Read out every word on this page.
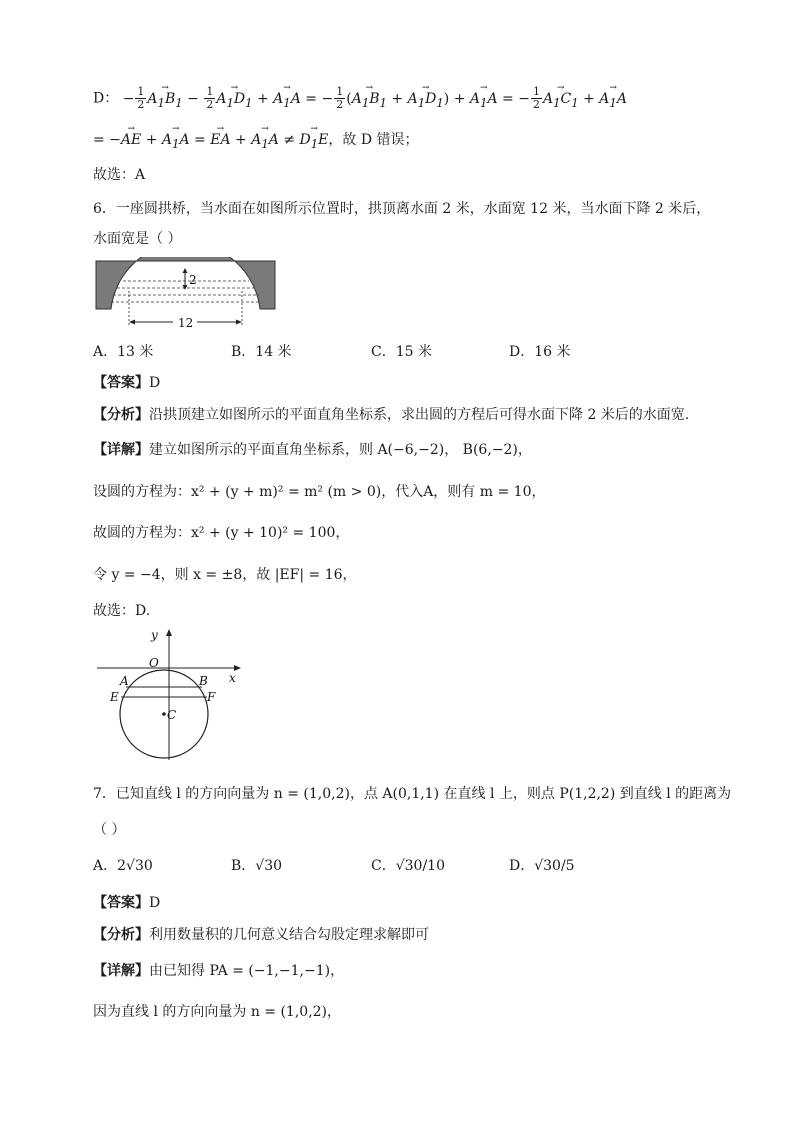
D： − $\frac{1}{2}$
→ $A_1B_1 - \frac{1}{2}$
→ $A_1D_1$ + → $A_1A$ = − $\frac{1}{2}$ (→ $A_1B_1$ + → $A_1D_1$) + → $A_1A$ = − $\frac{1}{2}$
→ $A_1C_1$ + → $A_1A$
= −→ AE + → $A_1A$ = → EA + → $A_1A$ ≠ → $D_1E$，故 D 错误；
故选：A
6．一座圆拱桥，当水面在如图所示位置时，拱顶离水面 2 米，水面宽 12 米，当水面下降 2 米后，
水面宽是（ ）
2
12
A．13 米	B．14 米	C．15 米	D．16 米
【答案】D
【分析】沿拱顶建立如图所示的平面直角坐标系，求出圆的方程后可得水面下降 2 米后的水面宽.
【详解】建立如图所示的平面直角坐标系，则 A(−6,−2)， B(6,−2)，
设圆的方程为：x² + (y + m)² = m² (m > 0)，代入A，则有 m = 10，
故圆的方程为：x² + (y + 10)² = 100，
令 y = −4，则 x = ±8，故 |EF| = 16，
故选：D.
y
x
O
A	B
E	F
C
7．已知直线 l 的方向向量为 n = (1,0,2)，点 A(0,1,1) 在直线 l 上，则点 P(1,2,2) 到直线 l 的距离为
（ ）
A．2√30	B．√30	C．√30/10	D．√30/5
【答案】D
【分析】利用数量积的几何意义结合勾股定理求解即可
【详解】由已知得 PA = (−1,−1,−1)，
因为直线 l 的方向向量为 n = (1,0,2)，
